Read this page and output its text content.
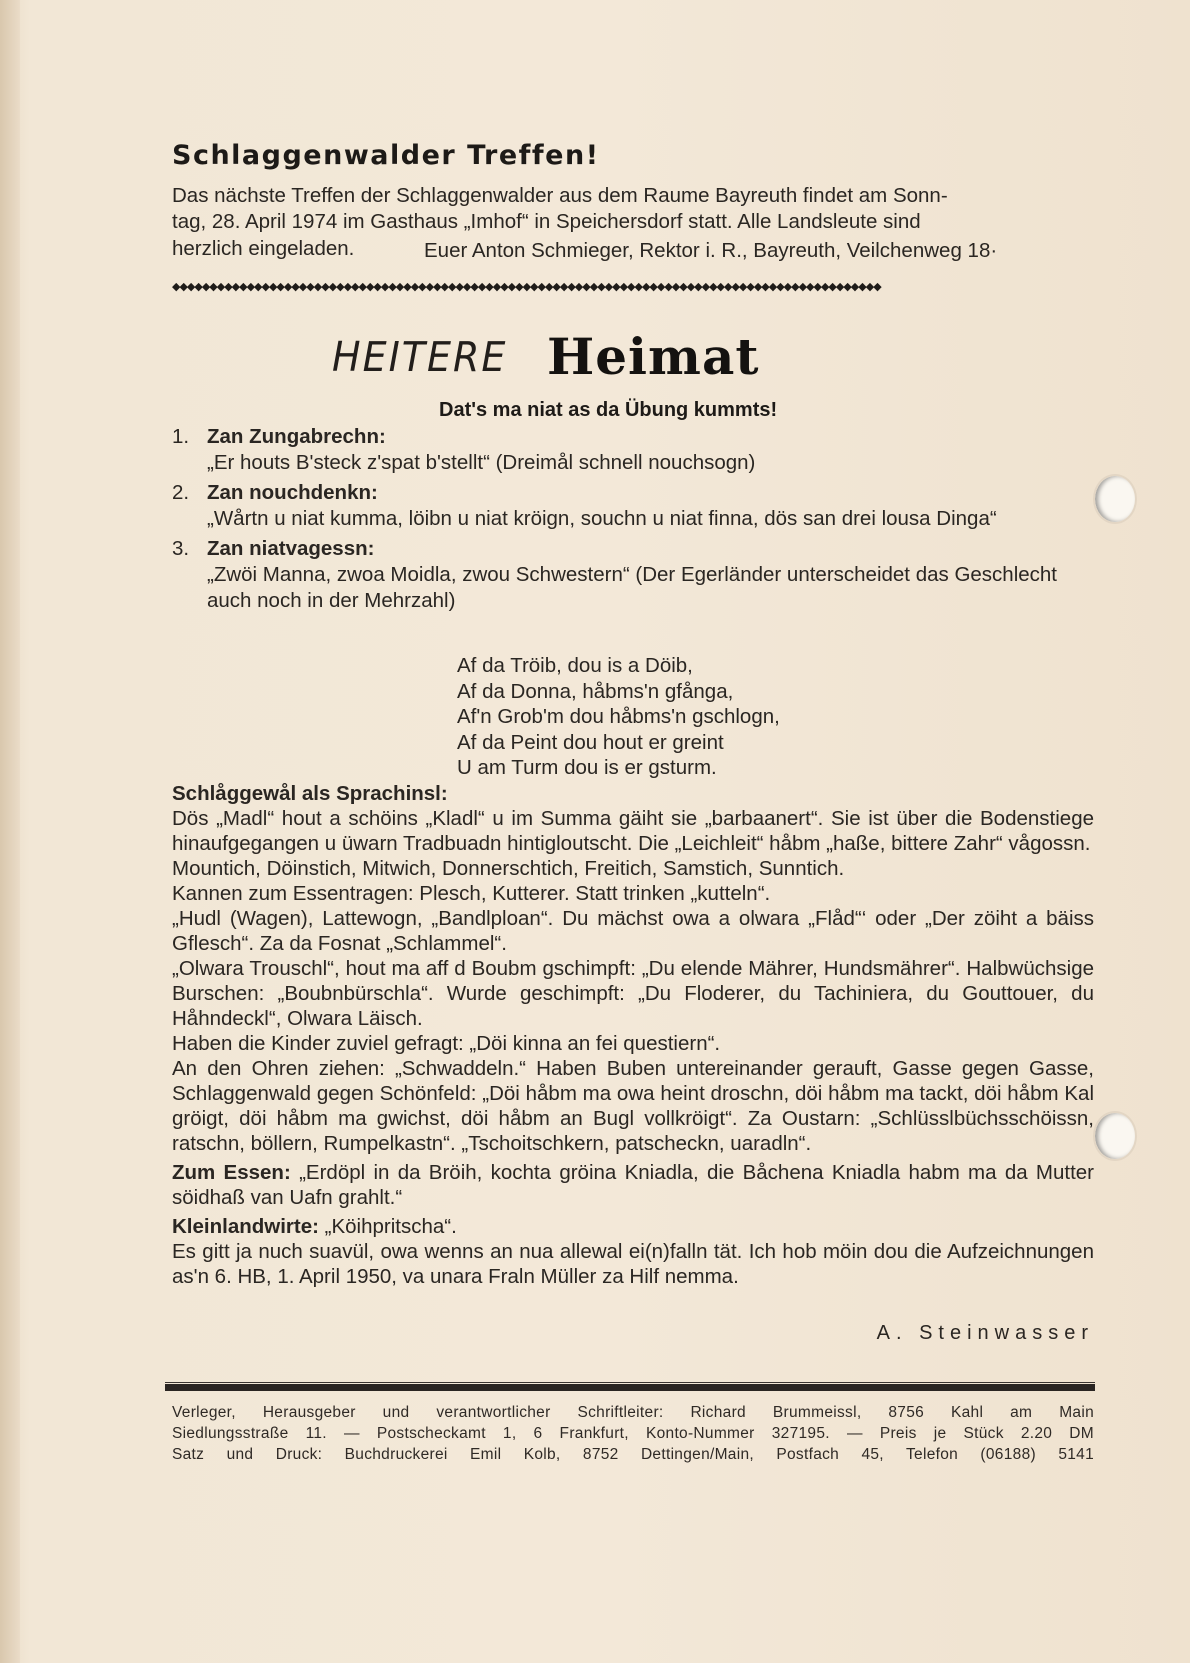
Schlaggenwalder Treffen!
Das nächste Treffen der Schlaggenwalder aus dem Raume Bayreuth findet am Sonn-
tag, 28. April 1974 im Gasthaus „Imhof“ in Speichersdorf statt. Alle Landsleute sind
herzlich eingeladen.	Euer Anton Schmieger, Rektor i. R., Bayreuth, Veilchenweg 18·
◆◆◆◆◆◆◆◆◆◆◆◆◆◆◆◆◆◆◆◆◆◆◆◆◆◆◆◆◆◆◆◆◆◆◆◆◆◆◆◆◆◆◆◆◆◆◆◆◆◆◆◆◆◆◆◆◆◆◆◆◆◆◆◆◆◆◆◆◆◆◆◆◆◆◆◆◆◆◆◆◆◆◆◆◆◆◆◆◆◆◆◆◆◆◆
HEITERE Heimat
Dat's ma niat as da Übung kummts!
1. Zan Zungabrechn:
„Er houts B'steck z'spat b'stellt“ (Dreimål schnell nouchsogn)
2. Zan nouchdenkn:
„Wårtn u niat kumma, löibn u niat kröign, souchn u niat finna, dös san drei lousa Dinga“
3. Zan niatvagessn:
„Zwöi Manna, zwoa Moidla, zwou Schwestern“ (Der Egerländer unterscheidet das Geschlecht auch noch in der Mehrzahl)
Af da Tröib, dou is a Döib,
Af da Donna, håbms'n gfånga,
Af'n Grob'm dou håbms'n gschlogn,
Af da Peint dou hout er greint
U am Turm dou is er gsturm.

Schlåggewål als Sprachinsl:

Dös „Madl“ hout a schöins „Kladl“ u im Summa gäiht sie „barbaanert“. Sie ist über die Bodenstiege hinaufgegangen u üwarn Tradbuadn hintigloutscht. Die „Leichleit“ håbm „haße, bittere Zahr“ vågossn.

Mountich, Döinstich, Mitwich, Donnerschtich, Freitich, Samstich, Sunntich.

Kannen zum Essentragen: Plesch, Kutterer. Statt trinken „kutteln“.

„Hudl (Wagen), Lattewogn, „Bandlploan“. Du mächst owa a olwara „Flåd“‘ oder „Der zöiht a bäiss Gflesch“. Za da Fosnat „Schlammel“.

„Olwara Trouschl“, hout ma aff d Boubm gschimpft: „Du elende Mährer, Hundsmährer“. Halbwüchsige Burschen: „Boubnbürschla“. Wurde geschimpft: „Du Floderer, du Tachiniera, du Gouttouer, du Håhndeckl“, Olwara Läisch.

Haben die Kinder zuviel gefragt: „Döi kinna an fei questiern“.

An den Ohren ziehen: „Schwaddeln.“ Haben Buben untereinander gerauft, Gasse gegen Gasse, Schlaggenwald gegen Schönfeld: „Döi håbm ma owa heint droschn, döi håbm ma tackt, döi håbm Kal gröigt, döi håbm ma gwichst, döi håbm an Bugl vollkröigt“. Za Oustarn: „Schlüsslbüchsschöissn, ratschn, böllern, Rumpelkastn“. „Tschoitschkern, patscheckn, uaradln“.

Zum Essen: „Erdöpl in da Bröih, kochta gröina Kniadla, die Båchena Kniadla habm ma da Mutter söidhaß van Uafn grahlt.“

Kleinlandwirte: „Köihpritscha“.

Es gitt ja nuch suavül, owa wenns an nua allewal ei(n)falln tät. Ich hob möin dou die Aufzeichnungen as'n 6. HB, 1. April 1950, va unara Fraln Müller za Hilf nemma.

A. Steinwasser
Verleger, Herausgeber und verantwortlicher Schriftleiter: Richard Brummeissl, 8756 Kahl am Main
Siedlungsstraße 11. — Postscheckamt 1, 6 Frankfurt, Konto-Nummer 327195. — Preis je Stück 2.20 DM
Satz und Druck: Buchdruckerei Emil Kolb, 8752 Dettingen/Main, Postfach 45, Telefon (06188) 5141
